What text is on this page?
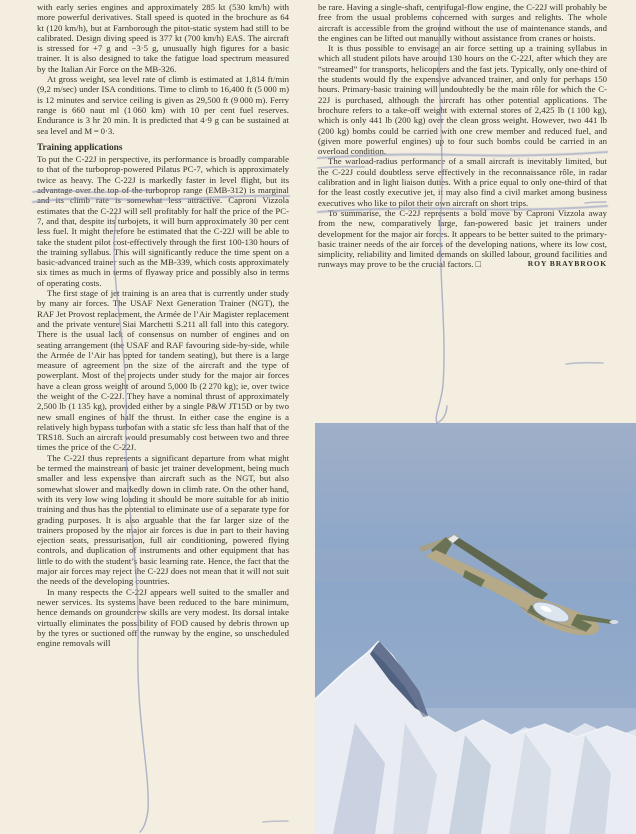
with early series engines and approximately 285 kt (530 km/h) with more powerful derivatives. Stall speed is quoted in the brochure as 64 kt (120 km/h), but at Farnborough the pitot-static system had still to be calibrated. Design diving speed is 377 kt (700 km/h) EAS. The aircraft is stressed for +7 g and −3·5 g, unusually high figures for a basic trainer. It is also designed to take the fatigue load spectrum measured by the Italian Air Force on the MB-326.

At gross weight, sea level rate of climb is estimated at 1,814 ft/min (9,2 m/sec) under ISA conditions. Time to climb to 16,400 ft (5 000 m) is 12 minutes and service ceiling is given as 29,500 ft (9 000 m). Ferry range is 660 naut ml (1 060 km) with 10 per cent fuel reserves. Endurance is 3 hr 20 min. It is predicted that 4·9 g can be sustained at sea level and M = 0·3.

Training applications

To put the C-22J in perspective, its performance is broadly comparable to that of the turboprop-powered Pilatus PC-7, which is approximately twice as heavy. The C-22J is markedly faster in level flight, but its advantage over the top of the turboprop range (EMB-312) is marginal and its climb rate is somewhat less attractive. Caproni Vizzola estimates that the C-22J will sell profitably for half the price of the PC-7, and that, despite its turbojets, it will burn approximately 30 per cent less fuel. It might therefore be estimated that the C-22J will be able to take the student pilot cost-effectively through the first 100-130 hours of the training syllabus. This will significantly reduce the time spent on a basic-advanced trainer such as the MB-339, which costs approximately six times as much in terms of flyaway price and possibly also in terms of operating costs.

The first stage of jet training is an area that is currently under study by many air forces. The USAF Next Generation Trainer (NGT), the RAF Jet Provost replacement, the Armée de l’Air Magister replacement and the private venture Siai Marchetti S.211 all fall into this category. There is the usual lack of consensus on number of engines and on seating arrangement (the USAF and RAF favouring side-by-side, while the Armée de l’Air has opted for tandem seating), but there is a large measure of agreement on the size of the aircraft and the type of powerplant. Most of the projects under study for the major air forces have a clean gross weight of around 5,000 lb (2 270 kg); ie, over twice the weight of the C-22J. They have a nominal thrust of approximately 2,500 lb (1 135 kg), provided either by a single P&W JT15D or by two new small engines of half the thrust. In either case the engine is a relatively high bypass turbofan with a static sfc less than half that of the TRS18. Such an aircraft would presumably cost between two and three times the price of the C-22J.

The C-22J thus represents a significant departure from what might be termed the mainstream of basic jet trainer development, being much smaller and less expensive than aircraft such as the NGT, but also somewhat slower and markedly down in climb rate. On the other hand, with its very low wing loading it should be more suitable for ab initio training and thus has the potential to eliminate use of a separate type for grading purposes. It is also arguable that the far larger size of the trainers proposed by the major air forces is due in part to their having ejection seats, pressurisation, full air conditioning, powered flying controls, and duplication of instruments and other equipment that has little to do with the student’s basic learning rate. Hence, the fact that the major air forces may reject the C-22J does not mean that it will not suit the needs of the developing countries.

In many respects the C-22J appears well suited to the smaller and newer services. Its systems have been reduced to the bare minimum, hence demands on groundcrew skills are very modest. Its dorsal intake virtually eliminates the possibility of FOD caused by debris thrown up by the tyres or suctioned off the runway by the engine, so unscheduled engine removals will

be rare. Having a single-shaft, centrifugal-flow engine, the C-22J will probably be free from the usual problems concerned with surges and relights. The whole aircraft is accessible from the ground without the use of maintenance stands, and the engines can be lifted out manually without assistance from cranes or hoists.

It is thus possible to envisage an air force setting up a training syllabus in which all student pilots have around 130 hours on the C-22J, after which they are “streamed” for transports, helicopters and the fast jets. Typically, only one-third of the students would fly the expensive advanced trainer, and only for perhaps 150 hours. Primary-basic training will undoubtedly be the main rôle for which the C-22J is purchased, although the aircraft has other potential applications. The brochure refers to a take-off weight with external stores of 2,425 lb (1 100 kg), which is only 441 lb (200 kg) over the clean gross weight. However, two 441 lb (200 kg) bombs could be carried with one crew member and reduced fuel, and (given more powerful engines) up to four such bombs could be carried in an overload condition.

The warload-radius performance of a small aircraft is inevitably limited, but the C-22J could doubtless serve effectively in the reconnaissance rôle, in radar calibration and in light liaison duties. With a price equal to only one-third of that for the least costly executive jet, it may also find a civil market among business executives who like to pilot their own aircraft on short trips.

To summarise, the C-22J represents a bold move by Caproni Vizzola away from the new, comparatively large, fan-powered basic jet trainers under development for the major air forces. It appears to be better suited to the primary-basic trainer needs of the air forces of the developing nations, where its low cost, simplicity, reliability and limited demands on skilled labour, ground facilities and runways may prove to be the crucial factors. □	ROY BRAYBROOK
